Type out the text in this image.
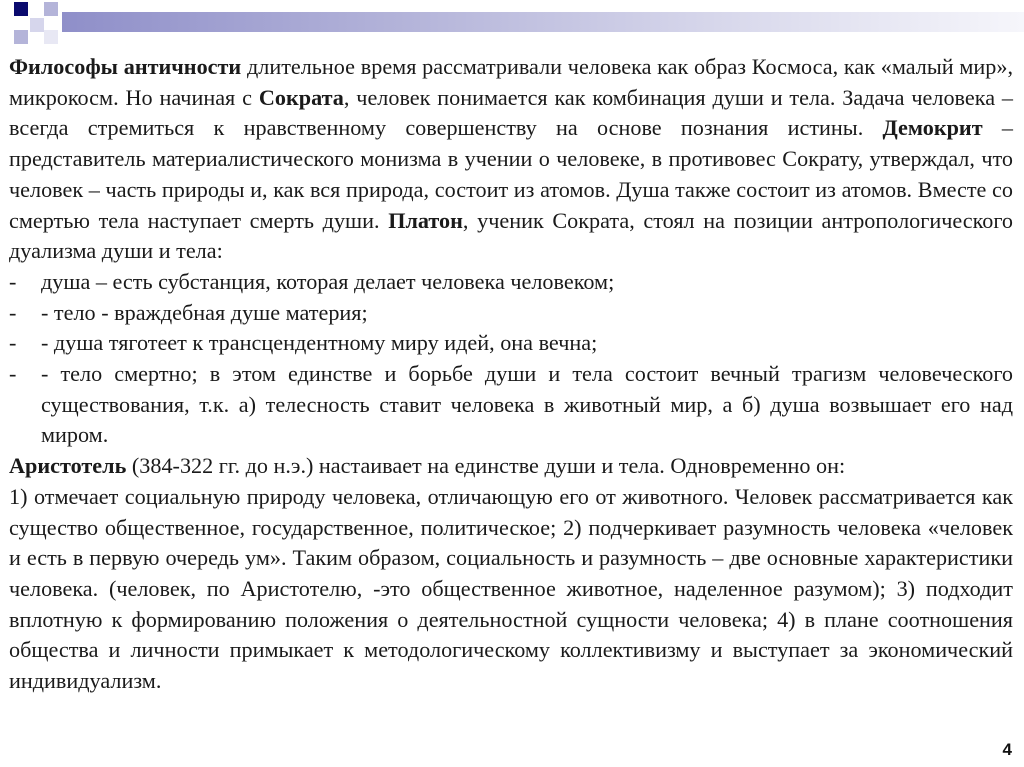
Философы античности длительное время рассматривали человека как образ Космоса, как «малый мир», микрокосм. Но начиная с Сократа, человек понимается как комбинация души и тела. Задача человека – всегда стремиться к нравственному совершенству на основе познания истины. Демокрит – представитель материалистического монизма в учении о человеке, в противовес Сократу, утверждал, что человек – часть природы и, как вся природа, состоит из атомов. Душа также состоит из атомов. Вместе со смертью тела наступает смерть души. Платон, ученик Сократа, стоял на позиции антропологического дуализма души и тела:

-	душа – есть субстанция, которая делает человека человеком;
-	- тело - враждебная душе материя;
-	- душа тяготеет к трансцендентному миру идей, она вечна;
-	- тело смертно; в этом единстве и борьбе души и тела состоит вечный трагизм человеческого существования, т.к. а) телесность ставит человека в животный мир, а б) душа возвышает его над миром.

Аристотель (384-322 гг. до н.э.) настаивает на единстве души и тела. Одновременно он:

1) отмечает социальную природу человека, отличающую его от животного. Человек рассматривается как существо общественное, государственное, политическое; 2) подчеркивает разумность человека «человек и есть в первую очередь ум». Таким образом, социальность и разумность – две основные характеристики человека. (человек, по Аристотелю, -это общественное животное, наделенное разумом); 3) подходит вплотную к формированию положения о деятельностной сущности человека; 4) в плане соотношения общества и личности примыкает к методологическому коллективизму и выступает за экономический индивидуализм.

4
